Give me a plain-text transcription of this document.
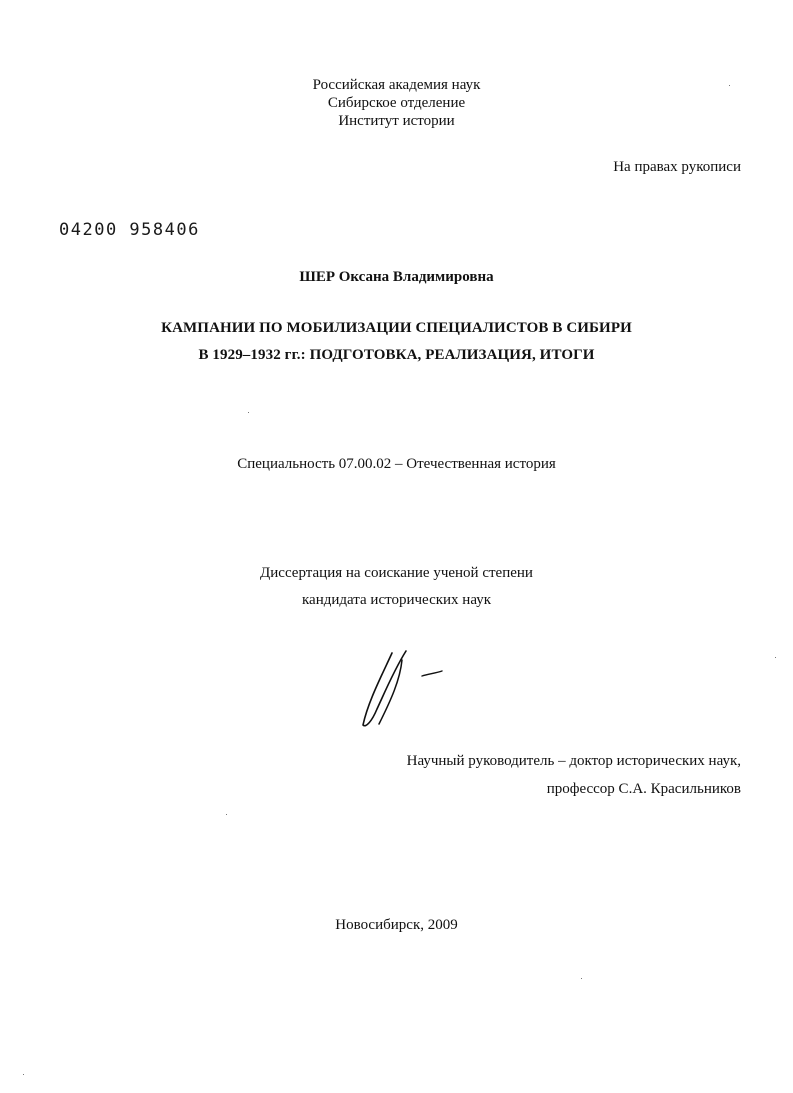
Российская академия наук
Сибирское отделение
Институт истории
На правах рукописи
04200 958406
ШЕР Оксана Владимировна
КАМПАНИИ ПО МОБИЛИЗАЦИИ СПЕЦИАЛИСТОВ В СИБИРИ
В 1929–1932 гг.: ПОДГОТОВКА, РЕАЛИЗАЦИЯ, ИТОГИ
Специальность 07.00.02 – Отечественная история
Диссертация на соискание ученой степени
кандидата исторических наук
Научный руководитель – доктор исторических наук,
профессор С.А. Красильников
Новосибирск, 2009
